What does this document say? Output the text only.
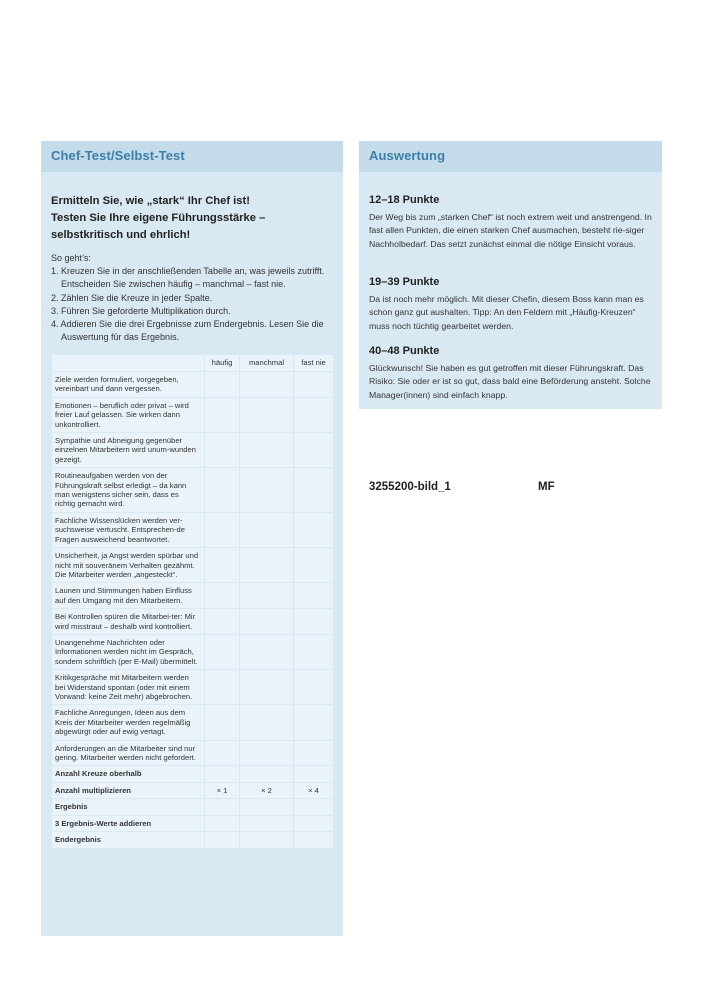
Chef-Test/Selbst-Test
Ermitteln Sie, wie „stark“ Ihr Chef ist!
Testen Sie Ihre eigene Führungsstärke – selbstkritisch und ehrlich!
So geht’s:
1. Kreuzen Sie in der anschließenden Tabelle an, was jeweils zutrifft. Entscheiden Sie zwischen häufig – manchmal – fast nie.
2. Zählen Sie die Kreuze in jeder Spalte.
3. Führen Sie geforderte Multiplikation durch.
4. Addieren Sie die drei Ergebnisse zum Endergebnis. Lesen Sie die Auswertung für das Ergebnis.
	häufig	manchmal	fast nie
Ziele werden formuliert, vorgegeben, vereinbart und dann vergessen.			
Emotionen – beruflich oder privat – wird freier Lauf gelassen. Sie wirken dann unkontrolliert.			
Sympathie und Abneigung gegenüber einzelnen Mitarbeitern wird unum-wunden gezeigt.			
Routineaufgaben werden von der Führungskraft selbst erledigt – da kann man wenigstens sicher sein, dass es richtig gemacht wird.			
Fachliche Wissenslücken werden ver-suchsweise vertuscht. Entsprechen-de Fragen ausweichend beantwortet.			
Unsicherheit, ja Angst werden spürbar und nicht mit souveränem Verhalten gezähmt. Die Mitarbeiter werden „angesteckt“.			
Launen und Stimmungen haben Einfluss auf den Umgang mit den Mitarbeitern.			
Bei Kontrollen spüren die Mitarbei-ter: Mir wird misstraut – deshalb wird kontrolliert.			
Unangenehme Nachrichten oder Informationen werden nicht im Gespräch, sondern schriftlich (per E-Mail) übermittelt.			
Kritikgespräche mit Mitarbeitern werden bei Widerstand spontan (oder mit einem Vorwand: keine Zeit mehr) abgebrochen.			
Fachliche Anregungen, Ideen aus dem Kreis der Mitarbeiter werden regelmäßig abgewürgt oder auf ewig vertagt.			
Anforderungen an die Mitarbeiter sind nur gering. Mitarbeiter werden nicht gefordert.			
Anzahl Kreuze oberhalb			
Anzahl multiplizieren	× 1	× 2	× 4
Ergebnis			
3 Ergebnis-Werte addieren			
Endergebnis			
Auswertung
12–18 Punkte
Der Weg bis zum „starken Chef“ ist noch extrem weit und anstrengend. In fast allen Punkten, die einen starken Chef ausmachen, besteht rie-siger Nachholbedarf. Das setzt zunächst einmal die nötige Einsicht voraus.
19–39 Punkte
Da ist noch mehr möglich. Mit dieser Chefin, diesem Boss kann man es schon ganz gut aushalten. Tipp: An den Feldern mit „Häufig-Kreuzen“ muss noch tüchtig gearbeitet werden.
40–48 Punkte
Glückwunsch! Sie haben es gut getroffen mit dieser Führungskraft. Das Risiko: Sie oder er ist so gut, dass bald eine Beförderung ansteht. Solche Manager(innen) sind einfach knapp.
3255200-bild_1	MF
